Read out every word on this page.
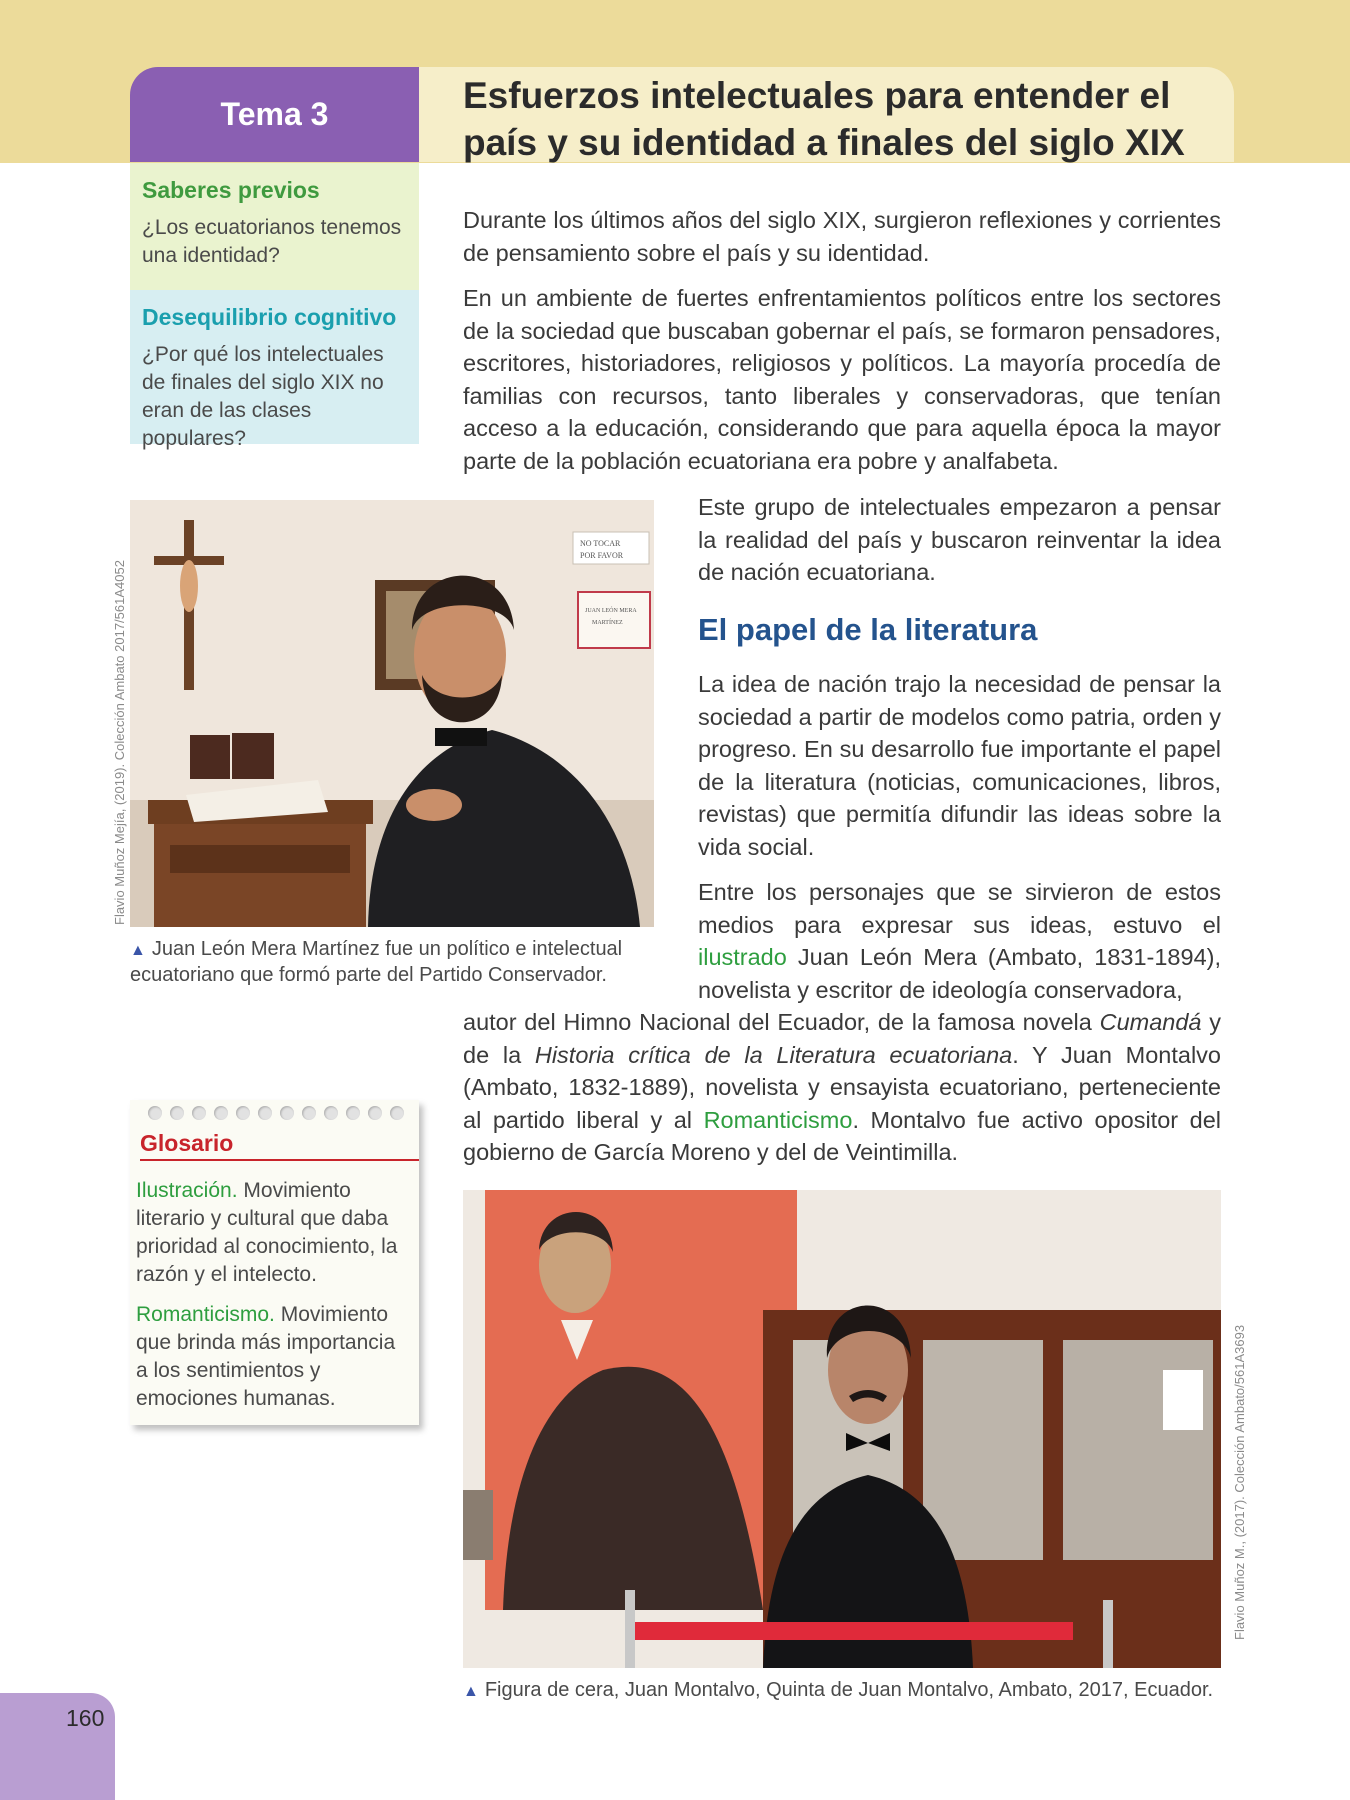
Tema 3	Esfuerzos intelectuales para entender el
país y su identidad a finales del siglo XIX
Saberes previos

¿Los ecuatorianos tenemos una identidad?

Desequilibrio cognitivo

¿Por qué los intelectuales de finales del siglo XIX no eran de las clases populares?

Durante los últimos años del siglo XIX, surgieron reflexiones y corrientes de pensamiento sobre el país y su identidad.

En un ambiente de fuertes enfrentamientos políticos entre los sectores de la sociedad que buscaban gobernar el país, se formaron pensadores, escritores, historiadores, religiosos y políticos. La mayoría procedía de familias con recursos, tanto liberales y conservadoras, que tenían acceso a la educación, considerando que para aquella época la mayor parte de la población ecuatoriana era pobre y analfabeta.

Este grupo de intelectuales empezaron a pensar la realidad del país y buscaron reinventar la idea de nación ecuatoriana.

El papel de la literatura

La idea de nación trajo la necesidad de pensar la sociedad a partir de modelos como patria, orden y progreso. En su desarrollo fue importante el papel de la literatura (noticias, comunicaciones, libros, revistas) que permitía difundir las ideas sobre la vida social.

Entre los personajes que se sirvieron de estos medios para expresar sus ideas, estuvo el ilustrado Juan León Mera (Ambato, 1831-1894), novelista y escritor de ideología conservadora,

autor del Himno Nacional del Ecuador, de la famosa novela Cumandá y de la Historia crítica de la Literatura ecuatoriana. Y Juan Montalvo (Ambato, 1832-1889), novelista y ensayista ecuatoriano, perteneciente al partido liberal y al Romanticismo. Montalvo fue activo opositor del gobierno de García Moreno y del de Veintimilla.

NO TOCAR
POR FAVOR
JUAN LEÓN MERA
MARTÍNEZ
Flavio Muñoz Mejía, (2019). Colección Ambato 2017/561A4052

▲ Juan León Mera Martínez fue un político e intelectual ecuatoriano que formó parte del Partido Conservador.

Glosario

Ilustración. Movimiento literario y cultural que daba prioridad al conocimiento, la razón y el intelecto.

Romanticismo. Movimiento que brinda más importancia a los sentimientos y emociones humanas.	Flavio Muñoz M., (2017). Colección Ambato/561A3693

▲ Figura de cera, Juan Montalvo, Quinta de Juan Montalvo, Ambato, 2017, Ecuador.

160
